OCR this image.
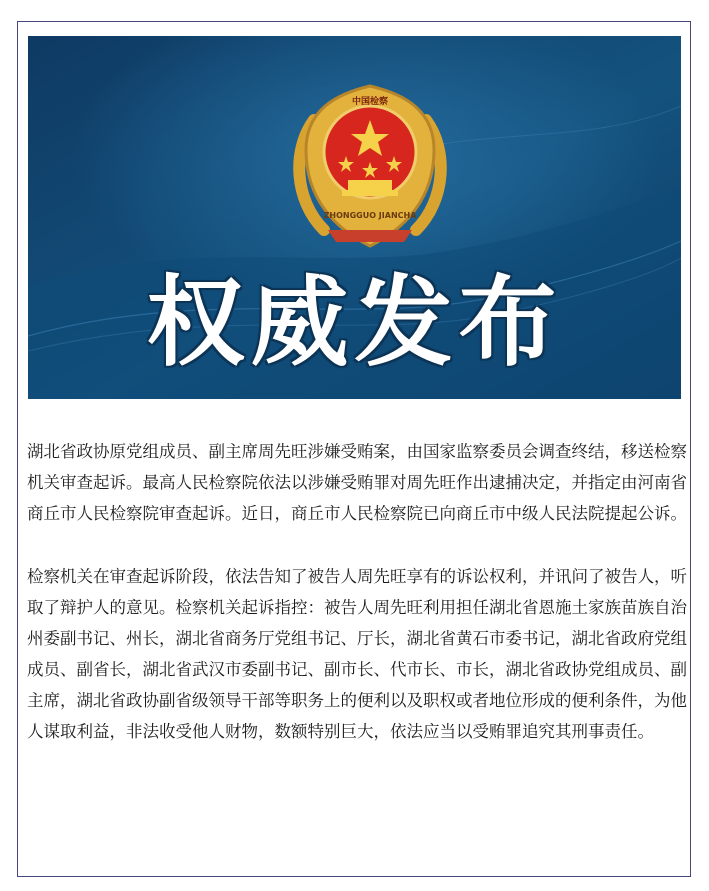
中国检察
ZHONGGUO JIANCHA
权威发布

湖北省政协原党组成员、副主席周先旺涉嫌受贿案，由国家监察委员会调查终结，移送检察机关审查起诉。最高人民检察院依法以涉嫌受贿罪对周先旺作出逮捕决定，并指定由河南省商丘市人民检察院审查起诉。近日，商丘市人民检察院已向商丘市中级人民法院提起公诉。

检察机关在审查起诉阶段，依法告知了被告人周先旺享有的诉讼权利，并讯问了被告人，听取了辩护人的意见。检察机关起诉指控：被告人周先旺利用担任湖北省恩施土家族苗族自治州委副书记、州长，湖北省商务厅党组书记、厅长，湖北省黄石市委书记，湖北省政府党组成员、副省长，湖北省武汉市委副书记、副市长、代市长、市长，湖北省政协党组成员、副主席，湖北省政协副省级领导干部等职务上的便利以及职权或者地位形成的便利条件，为他人谋取利益，非法收受他人财物，数额特别巨大，依法应当以受贿罪追究其刑事责任。
